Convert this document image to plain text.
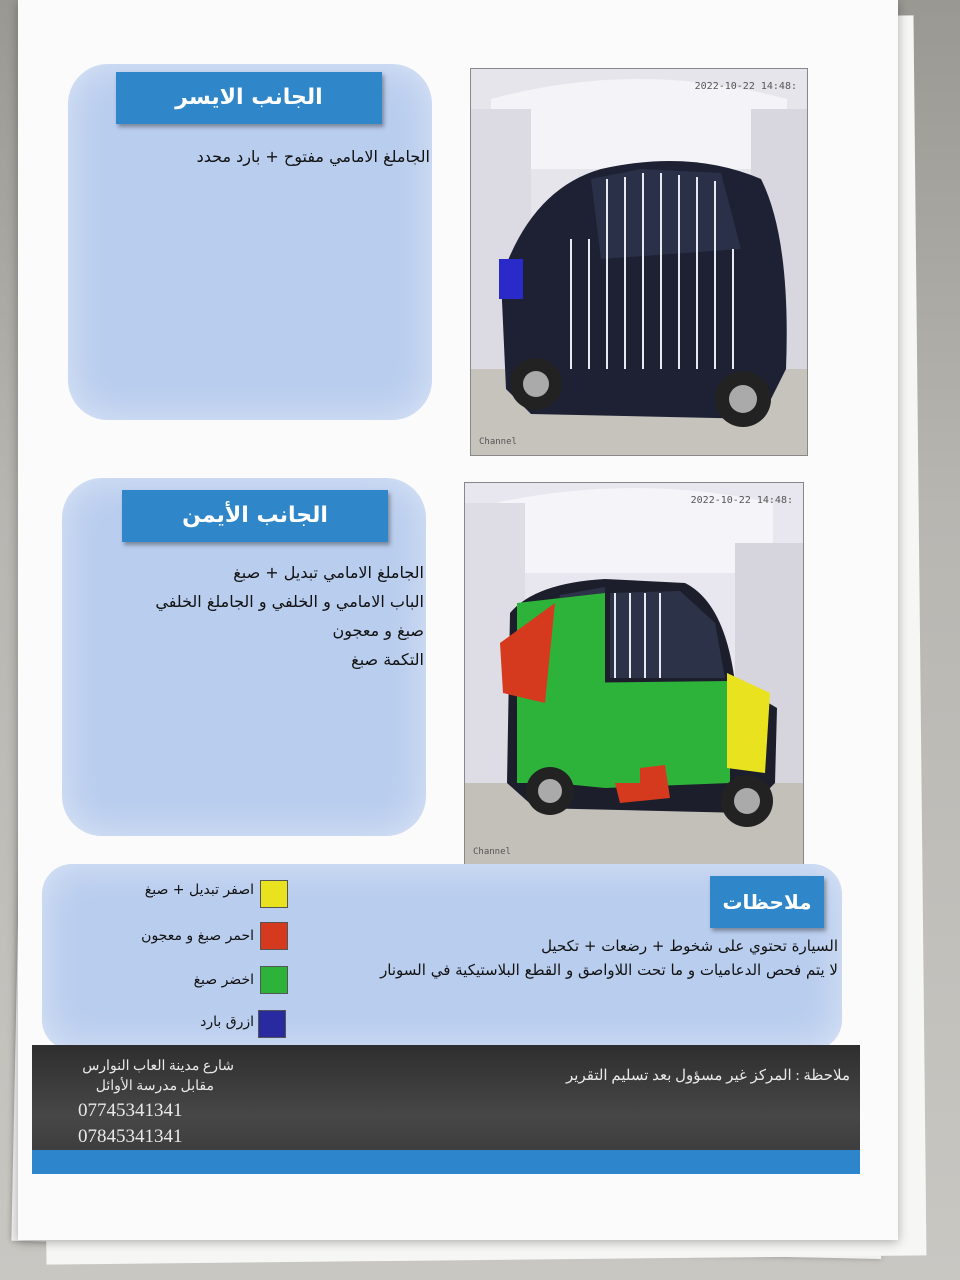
الجانب الايسر
الجاملغ الامامي مفتوح + بارد محدد
2022-10-22 14:48:
Channel
الجانب الأيمن
الجاملغ الامامي تبديل + صبغ
الباب الامامي و الخلفي و الجاملغ الخلفي
صبغ و معجون
التكمة صبغ
2022-10-22 14:48:
Channel
اصفر تبديل + صبغ
احمر صبغ و معجون
اخضر صبغ
ازرق بارد
ملاحظات
السيارة تحتوي على شخوط + رضعات + تكحيل
لا يتم فحص الدعاميات و ما تحت اللاواصق و القطع البلاستيكية في السونار
ملاحظة : المركز غير مسؤول بعد تسليم التقرير
شارع مدينة العاب النوارس
مقابل مدرسة الأوائل
07745341341
07845341341
